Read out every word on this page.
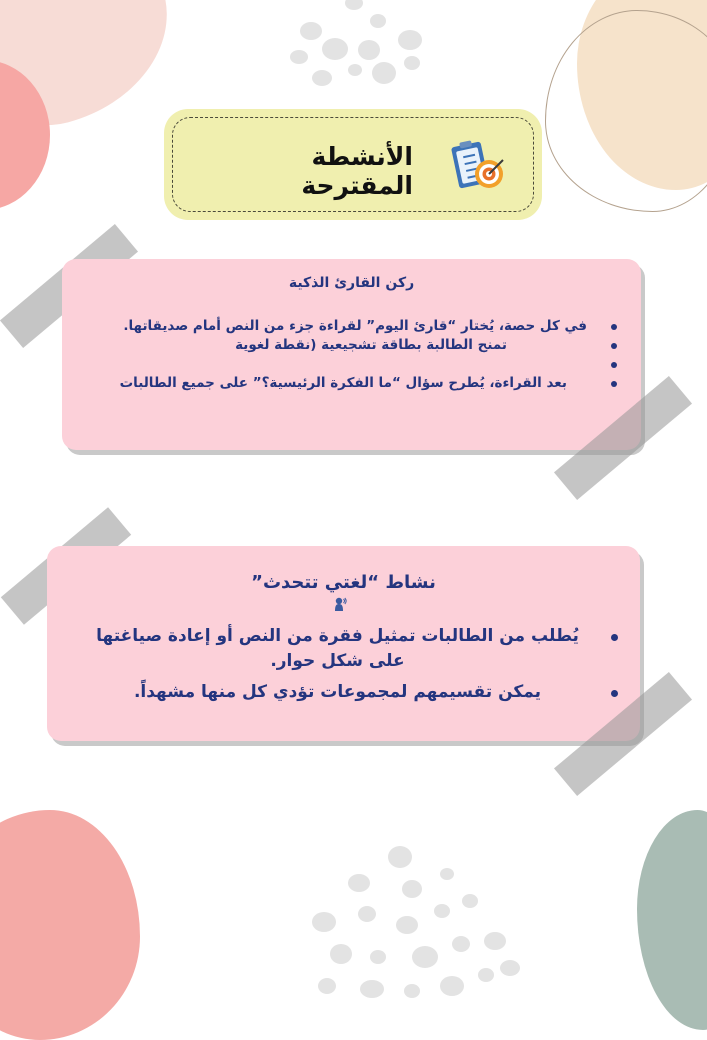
الأنشطة المقترحة
ركن القارئ الذكية
في كل حصة، يُختار “قارئ اليوم” لقراءة جزء من النص أمام صديقاتها.
تمنح الطالبة بطاقة تشجيعية (نقطة لغوية
بعد القراءة، يُطرح سؤال “ما الفكرة الرئيسية؟” على جميع الطالبات
نشاط “لغتي تتحدث”
يُطلب من الطالبات تمثيل فقرة من النص أو إعادة صياغتها على شكل حوار.
يمكن تقسيمهم لمجموعات تؤدي كل منها مشهداً.
